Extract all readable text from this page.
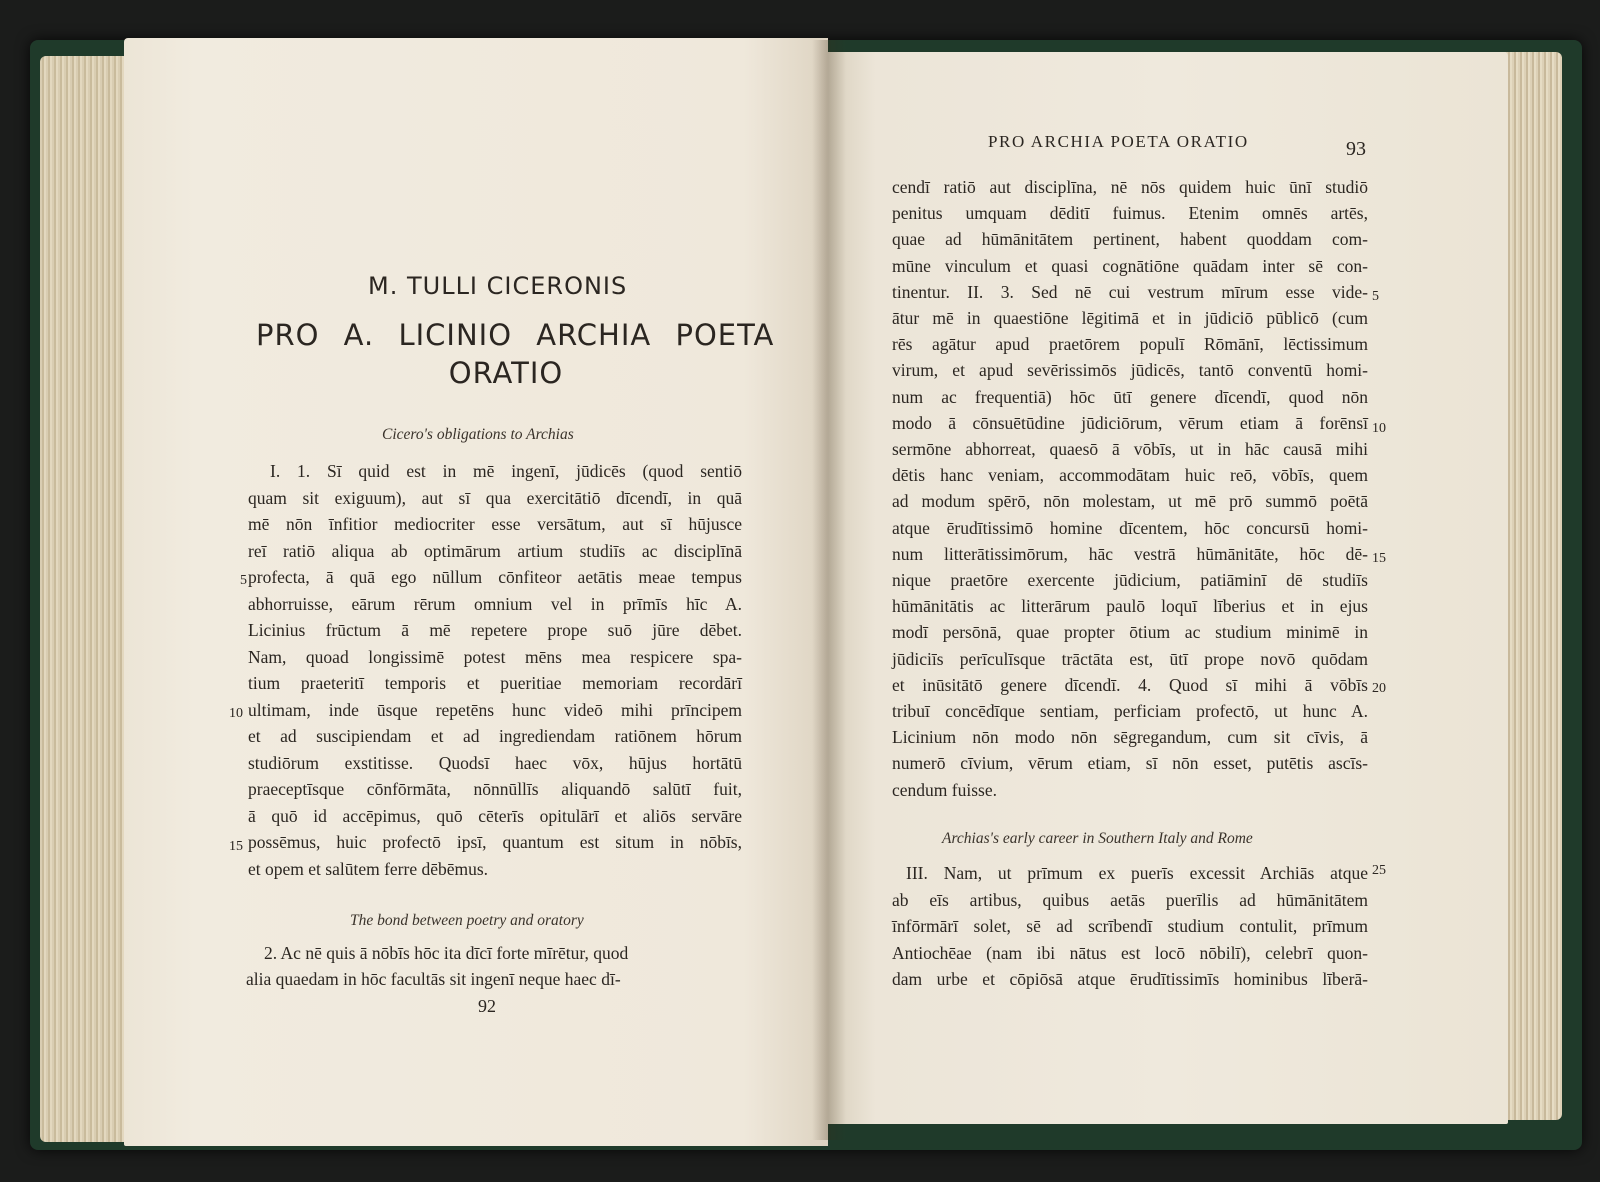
M. TULLI CICERONIS
PRO A. LICINIO ARCHIA POETA
ORATIO
Cicero's obligations to Archias
I. 1. Sī quid est in mē ingenī, jūdicēs (quod sentiō
quam sit exiguum), aut sī qua exercitātiō dīcendī, in quā
mē nōn īnfitior mediocriter esse versātum, aut sī hūjusce
reī ratiō aliqua ab optimārum artium studiīs ac disciplīnā
profecta, ā quā ego nūllum cōnfiteor aetātis meae tempus
abhorruisse, eārum rērum omnium vel in prīmīs hīc A.
Licinius frūctum ā mē repetere prope suō jūre dēbet.
Nam, quoad longissimē potest mēns mea respicere spa-
tium praeteritī temporis et pueritiae memoriam recordārī
ultimam, inde ūsque repetēns hunc videō mihi prīncipem
et ad suscipiendam et ad ingrediendam ratiōnem hōrum
studiōrum exstitisse. Quodsī haec vōx, hūjus hortātū
praeceptīsque cōnfōrmāta, nōnnūllīs aliquandō salūtī fuit,
ā quō id accēpimus, quō cēterīs opitulārī et aliōs servāre
possēmus, huic profectō ipsī, quantum est situm in nōbīs,
et opem et salūtem ferre dēbēmus.
The bond between poetry and oratory
2. Ac nē quis ā nōbīs hōc ita dīcī forte mīrētur, quod
alia quaedam in hōc facultās sit ingenī neque haec dī-
5
10
15
92
PRO ARCHIA POETA ORATIO	93
cendī ratiō aut disciplīna, nē nōs quidem huic ūnī studiō
penitus umquam dēditī fuimus. Etenim omnēs artēs,
quae ad hūmānitātem pertinent, habent quoddam com-
mūne vinculum et quasi cognātiōne quādam inter sē con-
tinentur. II. 3. Sed nē cui vestrum mīrum esse vide-
ātur mē in quaestiōne lēgitimā et in jūdiciō pūblicō (cum
rēs agātur apud praetōrem populī Rōmānī, lēctissimum
virum, et apud sevērissimōs jūdicēs, tantō conventū homi-
num ac frequentiā) hōc ūtī genere dīcendī, quod nōn
modo ā cōnsuētūdine jūdiciōrum, vērum etiam ā forēnsī
sermōne abhorreat, quaesō ā vōbīs, ut in hāc causā mihi
dētis hanc veniam, accommodātam huic reō, vōbīs, quem
ad modum spērō, nōn molestam, ut mē prō summō poētā
atque ērudītissimō homine dīcentem, hōc concursū homi-
num litterātissimōrum, hāc vestrā hūmānitāte, hōc dē-
nique praetōre exercente jūdicium, patiāminī dē studiīs
hūmānitātis ac litterārum paulō loquī līberius et in ejus
modī persōnā, quae propter ōtium ac studium minimē in
jūdiciīs perīculīsque trāctāta est, ūtī prope novō quōdam
et inūsitātō genere dīcendī. 4. Quod sī mihi ā vōbīs
tribuī concēdīque sentiam, perficiam profectō, ut hunc A.
Licinium nōn modo nōn sēgregandum, cum sit cīvis, ā
numerō cīvium, vērum etiam, sī nōn esset, putētis ascīs-
cendum fuisse.
Archias's early career in Southern Italy and Rome
III. Nam, ut prīmum ex puerīs excessit Archiās atque
ab eīs artibus, quibus aetās puerīlis ad hūmānitātem
īnfōrmārī solet, sē ad scrībendī studium contulit, prīmum
Antiochēae (nam ibi nātus est locō nōbilī), celebrī quon-
dam urbe et cōpiōsā atque ērudītissimīs hominibus līberā-
5
10
15
20
25
